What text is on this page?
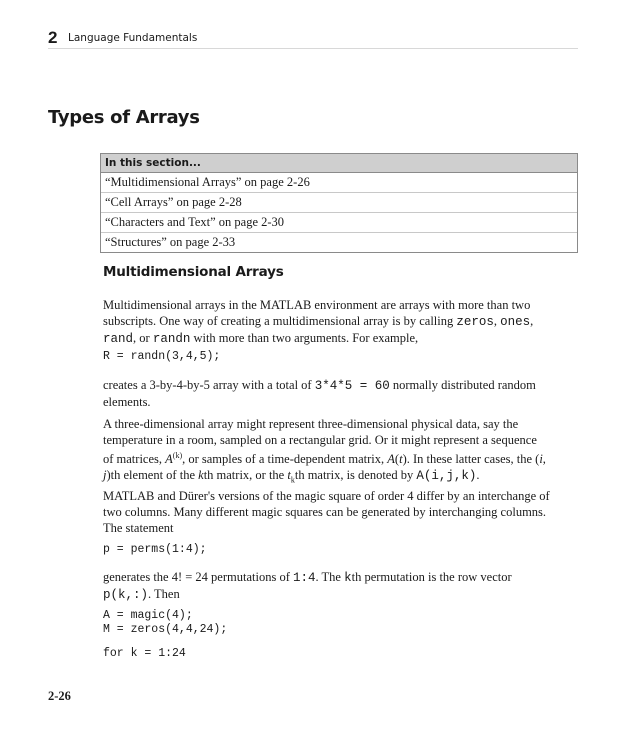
2 Language Fundamentals
Types of Arrays
In this section...
“Multidimensional Arrays” on page 2-26
“Cell Arrays” on page 2-28
“Characters and Text” on page 2-30
“Structures” on page 2-33
Multidimensional Arrays

Multidimensional arrays in the MATLAB environment are arrays with more than two
subscripts. One way of creating a multidimensional array is by calling zeros, ones,
rand, or randn with more than two arguments. For example,

R = randn(3,4,5);

creates a 3-by-4-by-5 array with a total of 3*4*5 = 60 normally distributed random
elements.

A three-dimensional array might represent three-dimensional physical data, say the
temperature in a room, sampled on a rectangular grid. Or it might represent a sequence
of matrices, $A^{(k)}$, or samples of a time-dependent matrix, A(t). In these latter cases, the (i,
j)th element of the kth matrix, or the $t_kth$ matrix, is denoted by A(i,j,k).

MATLAB and Dürer's versions of the magic square of order 4 differ by an interchange of
two columns. Many different magic squares can be generated by interchanging columns.
The statement

p = perms(1:4);

generates the 4! = 24 permutations of 1:4. The kth permutation is the row vector
p(k,:). Then

A = magic(4);
M = zeros(4,4,24);
for k = 1:24
2-26
